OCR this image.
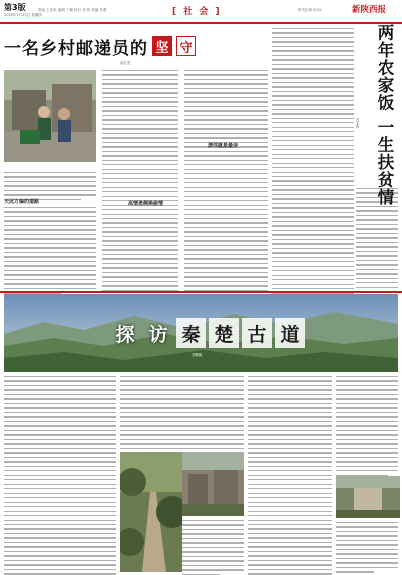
第3版
2020年7月23日 星期四
责编 王兆荣 编辑 丁鹏 校对 刘 伟 美编 朱蕾	[ 社 会 ]	时代纪事·2021	新陕西报
一名乡村邮递员的 坚 守
郝红蒙
天远方偏的道路	高情勇侧换偷情
漂邻就是最诗	两年农家饭 一生扶贫情
冯亚锋
探 访 秦 楚 古 道
刘敬魁
